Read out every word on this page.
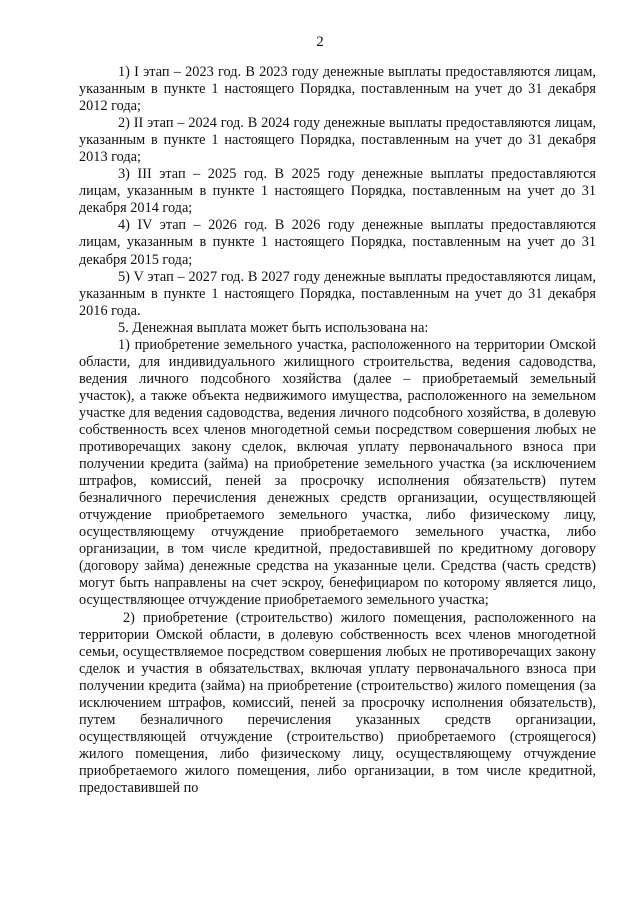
2

1) I этап – 2023 год. В 2023 году денежные выплаты предоставляются лицам, указанным в пункте 1 настоящего Порядка, поставленным на учет до 31 декабря 2012 года;

2) II этап – 2024 год. В 2024 году денежные выплаты предоставляются лицам, указанным в пункте 1 настоящего Порядка, поставленным на учет до 31 декабря 2013 года;

3) III этап – 2025 год. В 2025 году денежные выплаты предоставляются лицам, указанным в пункте 1 настоящего Порядка, поставленным на учет до 31 декабря 2014 года;

4) IV этап – 2026 год. В 2026 году денежные выплаты предоставляются лицам, указанным в пункте 1 настоящего Порядка, поставленным на учет до 31 декабря 2015 года;

5) V этап – 2027 год. В 2027 году денежные выплаты предоставляются лицам, указанным в пункте 1 настоящего Порядка, поставленным на учет до 31 декабря 2016 года.

5. Денежная выплата может быть использована на:

1) приобретение земельного участка, расположенного на территории Омской области, для индивидуального жилищного строительства, ведения садоводства, ведения личного подсобного хозяйства (далее – приобретаемый земельный участок), а также объекта недвижимого имущества, расположенного на земельном участке для ведения садоводства, ведения личного подсобного хозяйства, в долевую собственность всех членов многодетной семьи посредством совершения любых не противоречащих закону сделок, включая уплату первоначального взноса при получении кредита (займа) на приобретение земельного участка (за исключением штрафов, комиссий, пеней за просрочку исполнения обязательств) путем безналичного перечисления денежных средств организации, осуществляющей отчуждение приобретаемого земельного участка, либо физическому лицу, осуществляющему отчуждение приобретаемого земельного участка, либо организации, в том числе кредитной, предоставившей по кредитному договору (договору займа) денежные средства на указанные цели. Средства (часть средств) могут быть направлены на счет эскроу, бенефициаром по которому является лицо, осуществляющее отчуждение приобретаемого земельного участка;

2) приобретение (строительство) жилого помещения, расположенного на территории Омской области, в долевую собственность всех членов многодетной семьи, осуществляемое посредством совершения любых не противоречащих закону сделок и участия в обязательствах, включая уплату первоначального взноса при получении кредита (займа) на приобретение (строительство) жилого помещения (за исключением штрафов, комиссий, пеней за просрочку исполнения обязательств), путем безналичного перечисления указанных средств организации, осуществляющей отчуждение (строительство) приобретаемого (строящегося) жилого помещения, либо физическому лицу, осуществляющему отчуждение приобретаемого жилого помещения, либо организации, в том числе кредитной, предоставившей по
